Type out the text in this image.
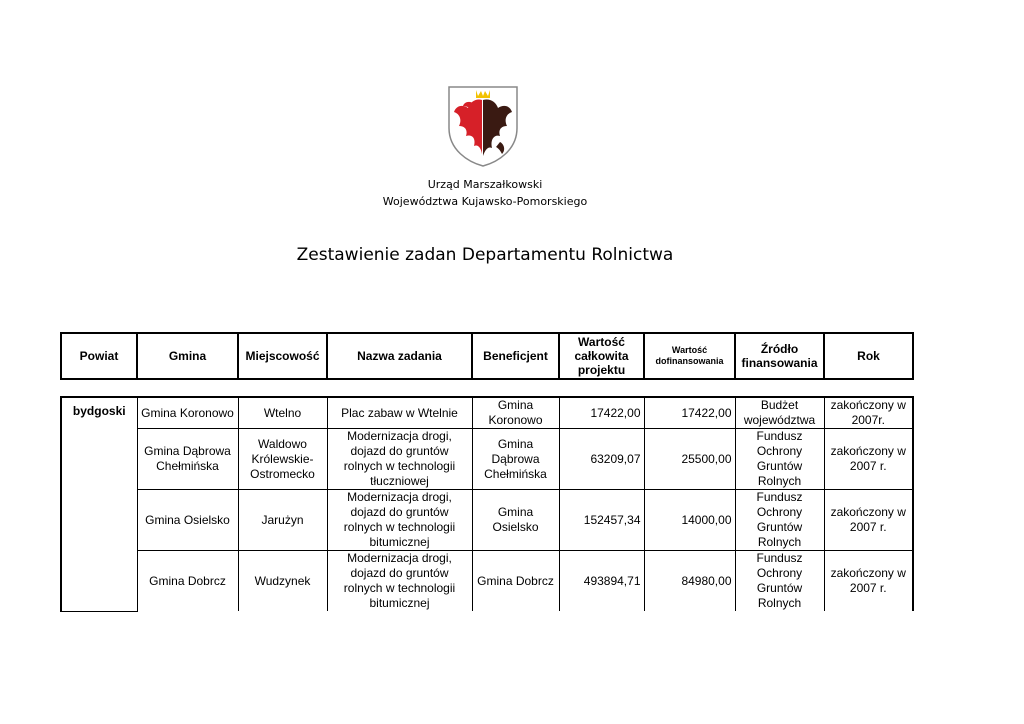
Urząd Marszałkowski
Województwa Kujawsko-Pomorskiego
Zestawienie zadan Departamentu Rolnictwa
Powiat	Gmina	Miejscowość	Nazwa zadania	Beneficjent	Wartość całkowita projektu	Wartość dofinansowania	Źródło finansowania	Rok
bydgoski	Gmina Koronowo	Wtelno	Plac zabaw w Wtelnie	Gmina Koronowo	17422,00	17422,00	Budżet województwa	zakończony w 2007r.
	Gmina Dąbrowa Chełmińska	Waldowo Królewskie-Ostromecko	Modernizacja drogi, dojazd do gruntów rolnych w technologii tłuczniowej	Gmina Dąbrowa Chełmińska	63209,07	25500,00	Fundusz Ochrony Gruntów Rolnych	zakończony w 2007 r.
	Gmina Osielsko	Jarużyn	Modernizacja drogi, dojazd do gruntów rolnych w technologii bitumicznej	Gmina Osielsko	152457,34	14000,00	Fundusz Ochrony Gruntów Rolnych	zakończony w 2007 r.
	Gmina Dobrcz	Wudzynek	Modernizacja drogi, dojazd do gruntów rolnych w technologii bitumicznej	Gmina Dobrcz	493894,71	84980,00	Fundusz Ochrony Gruntów Rolnych	zakończony w 2007 r.
